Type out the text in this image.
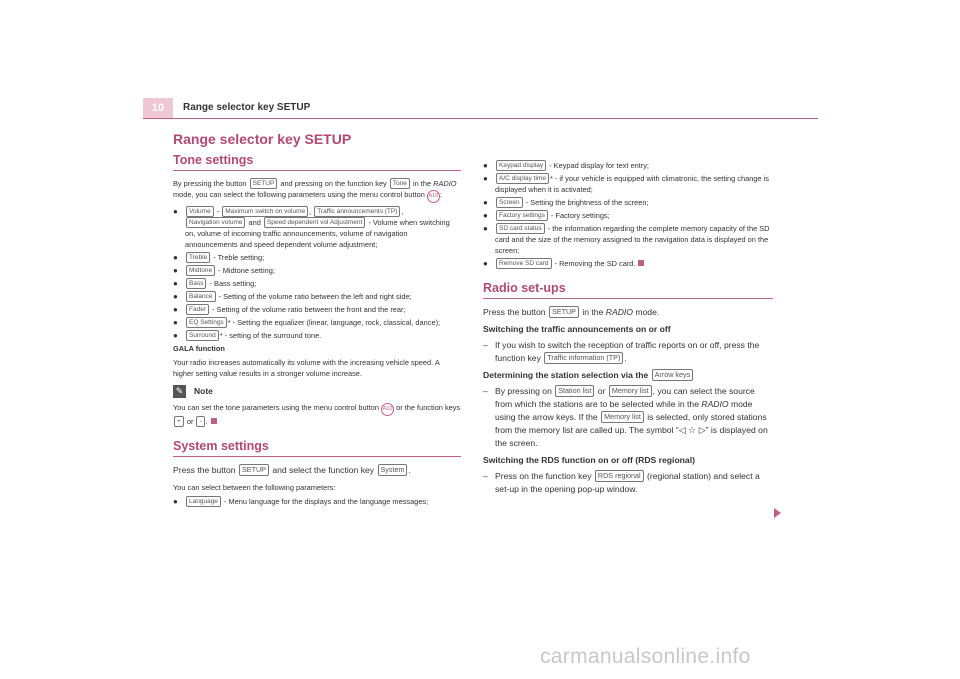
10	Range selector key SETUP
Range selector key SETUP
Tone settings

By pressing the button SETUP and pressing on the function key Tone in the RADIO mode, you can select the following parameters using the menu control button A10 :

●	Volume - Maximum switch on volume , Traffic announcements (TP) ,Navigation volume and Speed dependent vol Adjustment - Volume when switching on, volume of incoming traffic announcements, volume of navigation announcements and speed dependent volume adjustment;
●	Treble - Treble setting;
●	Midtone - Midtone setting;
●	Bass - Bass setting;
●	Balance - Setting of the volume ratio between the left and right side;
●	Fader - Setting of the volume ratio between the front and the rear;
●	EQ Settings * - Setting the equalizer (linear, language, rock, classical, dance);
●	Surround * - setting of the surround tone.

GALA function

Your radio increases automatically its volume with the increasing vehicle speed. A higher setting value results in a stronger volume increase.

✎	Note

You can set the tone parameters using the menu control button A10 or the function keys + or - .

System settings

Press the button SETUP and select the function key System .

You can select between the following parameters:

●	Language - Menu language for the displays and the language messages;
●	Keypad display - Keypad display for text entry;
●	A/C display time * - if your vehicle is equipped with climatronic, the setting change is displayed when it is activated;
●	Screen - Setting the brightness of the screen;
●	Factory settings - Factory settings;
●	SD card status - the information regarding the complete memory capacity of the SD card and the size of the memory assigned to the navigation data is displayed on the screen;
●	Remove SD card - Removing the SD card.
Radio set-ups

Press the button SETUP in the RADIO mode.

Switching the traffic announcements on or off

– If you wish to switch the reception of traffic reports on or off, press the function key Traffic information (TP) .

Determining the station selection via the Arrow keys

– By pressing on Station list or Memory list , you can select the source from which the stations are to be selected while in the RADIO mode using the arrow keys. If the Memory list is selected, only stored stations from the memory list are called up. The symbol “◁ ☆ ▷” is displayed on the screen.

Switching the RDS function on or off (RDS regional)

– Press on the function key RDS regional (regional station) and select a set-up in the opening pop-up window.
carmanualsonline.info
